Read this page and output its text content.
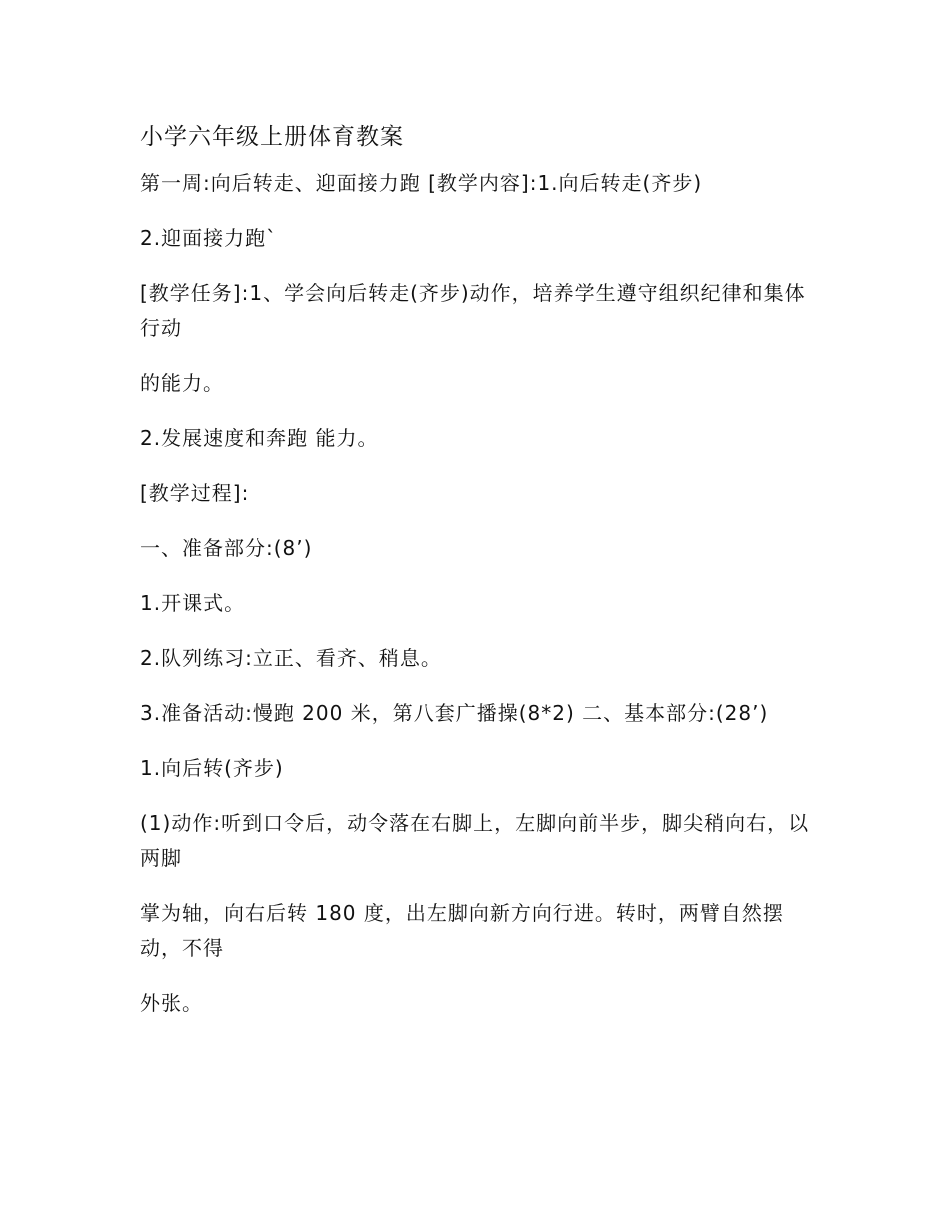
小学六年级上册体育教案
第一周:向后转走、迎面接力跑 [教学内容]:1.向后转走(齐步)
2.迎面接力跑`
[教学任务]:1、学会向后转走(齐步)动作，培养学生遵守组织纪律和集体行动
的能力。
2.发展速度和奔跑 能力。
[教学过程]:
一、准备部分:(8’)
1.开课式。
2.队列练习:立正、看齐、稍息。
3.准备活动:慢跑 200 米，第八套广播操(8*2) 二、基本部分:(28’)
1.向后转(齐步)
(1)动作:听到口令后，动令落在右脚上，左脚向前半步，脚尖稍向右，以两脚
掌为轴，向右后转 180 度，出左脚向新方向行进。转时，两臂自然摆动，不得
外张。
